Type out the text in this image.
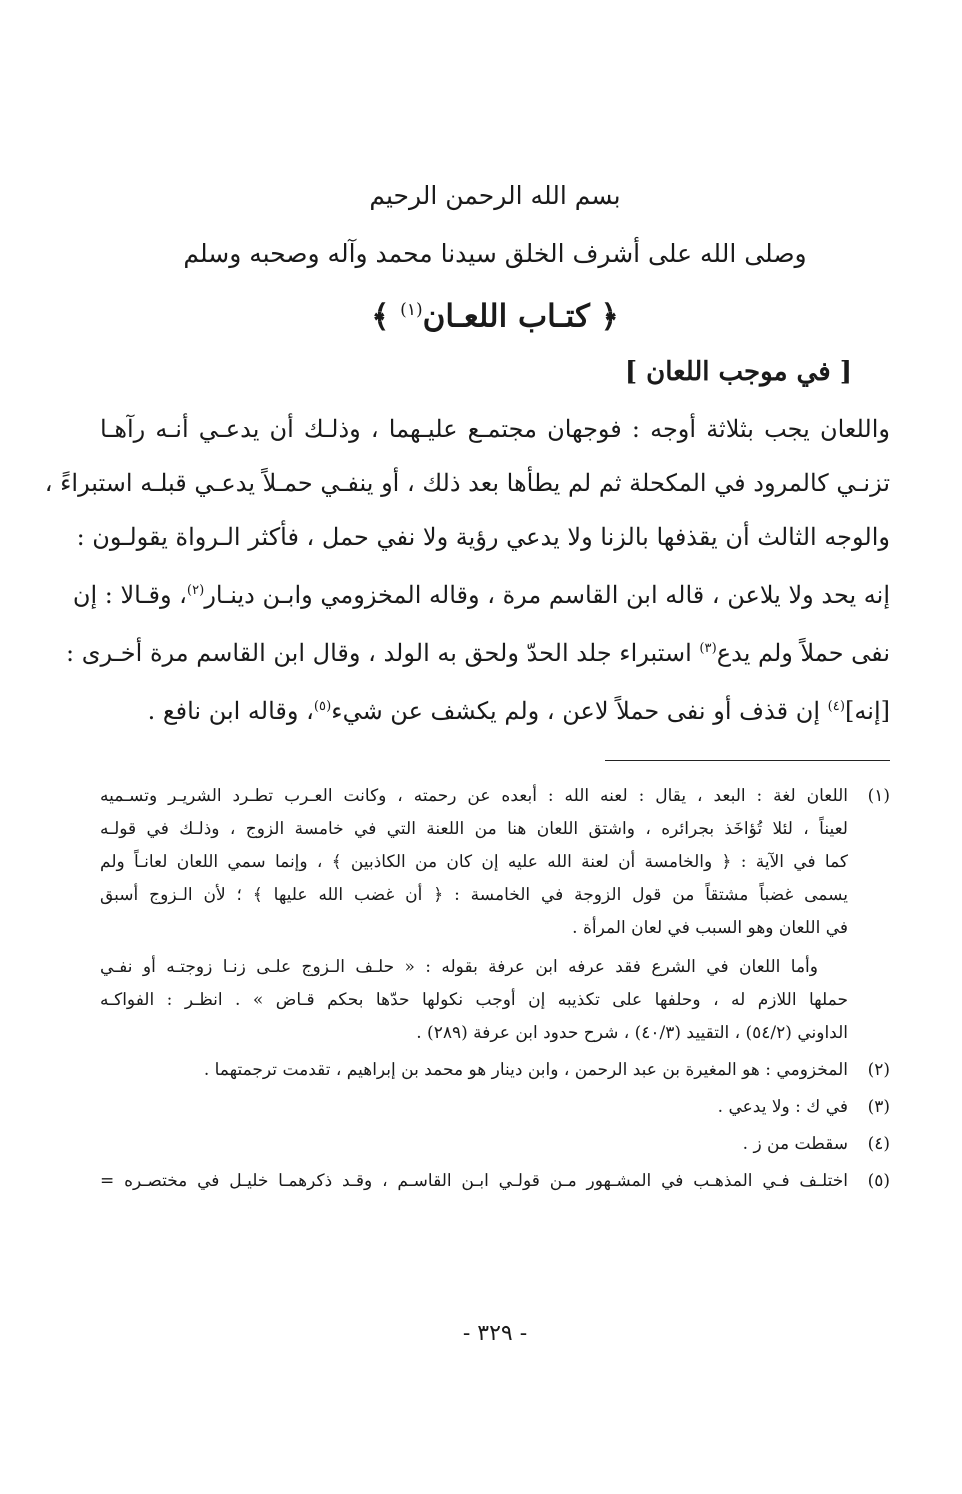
بسم الله الرحمن الرحيم
وصلى الله على أشرف الخلق سيدنا محمد وآله وصحبه وسلم
﴿ كتـاب اللعـان$^{(١)}$ ﴾
[ في موجب اللعان ]
واللعان يجب بثلاثة أوجه : فوجهان مجتمـع عليـهما ، وذلـك أن يدعـي أنـه رآهـا
تزنـي كالمرود في المكحلة ثم لم يطأها بعد ذلك ، أو ينفـي حمـلاً يدعـي قبلـه استبراءً ،
والوجه الثالث أن يقذفها بالزنا ولا يدعي رؤية ولا نفي حمل ، فأكثر الـرواة يقولـون :
إنه يحد ولا يلاعن ، قاله ابن القاسم مرة ، وقاله المخزومي وابـن دينـار$^{(٢)}$، وقـالا : إن
نفى حملاً ولم يدع$^{(٣)}$ استبراء جلد الحدّ ولحق به الولد ، وقال ابن القاسم مرة أخـرى :
[إنه]$^{(٤)}$ إن قذف أو نفى حملاً لاعن ، ولم يكشف عن شيء$^{(٥)}$، وقاله ابن نافع .
(١)
اللعان لغة : البعد ، يقال : لعنه الله : أبعده عن رحمته ، وكانت العـرب تطـرد الشريـر وتسـميه
لعيناً ، لئلا تُؤاخَذ بجرائره ، واشتق اللعان هنا من اللعنة التي في خامسة الزوج ، وذلـك في قولـه
كما في الآية : ﴿ والخامسة أن لعنة الله عليه إن كان من الكاذبين ﴾ ، وإنما سمي اللعان لعانـاً ولم
يسمى غضباً مشتقاً من قول الزوجة في الخامسة : ﴿ أن غضب الله عليها ﴾ ؛ لأن الـزوج أسبق
في اللعان وهو السبب في لعان المرأة .
وأما اللعان في الشرع فقد عرفه ابن عرفة بقوله : « حلـف الـزوج علـى زنـا زوجتـه أو نفـي
حملها اللازم له ، وحلفها على تكذيبه إن أوجب نكولها حدّها بحكم قـاض » . انظـر : الفواكـه
الداوني (٥٤/٢) ، التقييد (٤٠/٣) ، شرح حدود ابن عرفة (٢٨٩) .
(٢)
المخزومي : هو المغيرة بن عبد الرحمن ، وابن دينار هو محمد بن إبراهيم ، تقدمت ترجمتهما .
(٣)
في ك : ولا يدعي .
(٤)
سقطت من ز .
(٥)
اختلـف فـي المذهـب في المشـهور مـن قولـي ابـن القاسـم ، وقـد ذكرهمـا خليـل في مختصـره =
- ٣٢٩ -
